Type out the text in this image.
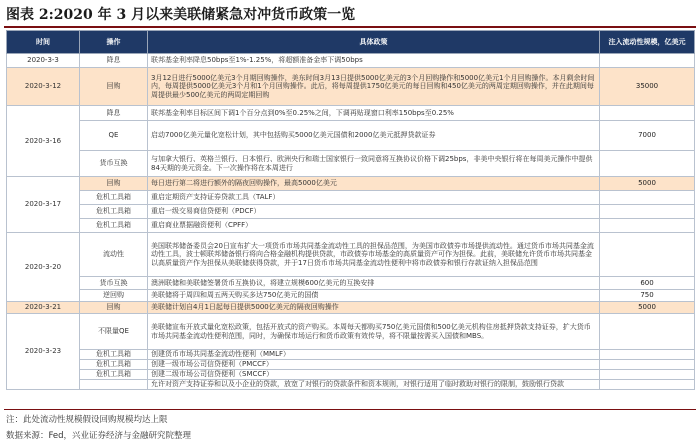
图表 2:2020 年 3 月以来美联储紧急对冲货币政策一览
时间	操作	具体政策	注入流动性规模，亿美元
2020-3-3	降息	联邦基金利率降息50bps至1%-1.25%，将超额准备金率下调50bps	
2020-3-12	回购	3月12日进行5000亿美元3个月期回购操作，美东时间3月13日提供5000亿美元的3个月回购操作和5000亿美元1个月回购操作。本月剩余时间内，每周提供5000亿美元3个月和1个月回购操作。此后，将每周提供1750亿美元的每日回购和450亿美元的两周定期回购操作，并在此期间每周提供最少500亿美元的两周定期回购	35000
2020-3-16	降息	联邦基金利率目标区间下调1个百分点到0%至0.25%之间，下调再贴现窗口利率150bps至0.25%	
	QE	启动7000亿美元量化宽松计划，其中包括购买5000亿美元国债和2000亿美元抵押贷款证券	7000
	货币互换	与加拿大银行、英格兰银行、日本银行、欧洲央行和瑞士国家银行一致同意将互换协议价格下调25bps，非美中央银行将在每周美元操作中提供84天期的美元资金。下一次操作将在本周进行	
2020-3-17	回购	每日进行第二将进行额外的隔夜回购操作，最高5000亿美元	5000
	危机工具箱	重启定期资产支持证券贷款工具（TALF）	
	危机工具箱	重启一级交易商信贷便利（PDCF）	
	危机工具箱	重启商业票据融资便利（CPFF）	
2020-3-20	流动性	美国联邦储备委员会20日宣布扩大一项货币市场共同基金流动性工具的担保品范围，为美国市政债券市场提供流动性。通过货币市场共同基金流动性工具，波士顿联邦储备银行将向合格金融机构提供贷款，市政债券市场基金的高质量资产可作为担保。此前，美联储允许货币市场共同基金以高质量资产作为担保从美联储获得贷款，并于17日货币市场共同基金流动性便利中将市政债券和银行存款证纳入担保品范围	
	货币互换	澳洲联储和美联储签署货币互换协议，将建立规模600亿美元的互换安排	600
	逆回购	美联储将于周四和周五两天购买多达750亿美元的国债	750
2020-3-21	回购	美联储计划自4月1日起每日提供5000亿美元的隔夜回购操作	5000
2020-3-23	不限量QE	美联储宣布开放式量化宽松政策，包括开放式的资产购买。本周每天都购买750亿美元国债和500亿美元机构住房抵押贷款支持证券，扩大货币市场共同基金流动性便利范围，同时，为确保市场运行和货币政策有效传导，将不限量按需买入国债和MBS。	
	危机工具箱	创建货币市场共同基金流动性便利（MMLF）	
	危机工具箱	创建一级市场公司信贷便利（PMCCF）	
	危机工具箱	创建二级市场公司信贷便利（SMCCF）	
		允许对资产支持证券和以及小企业的贷款，放宽了对银行的贷款条件和资本规则，对银行适用了临时救助对银行的限制，鼓励银行贷款	
注：此处流动性规模假设回购规模均达上限
数据来源：Fed，兴业证券经济与金融研究院整理
